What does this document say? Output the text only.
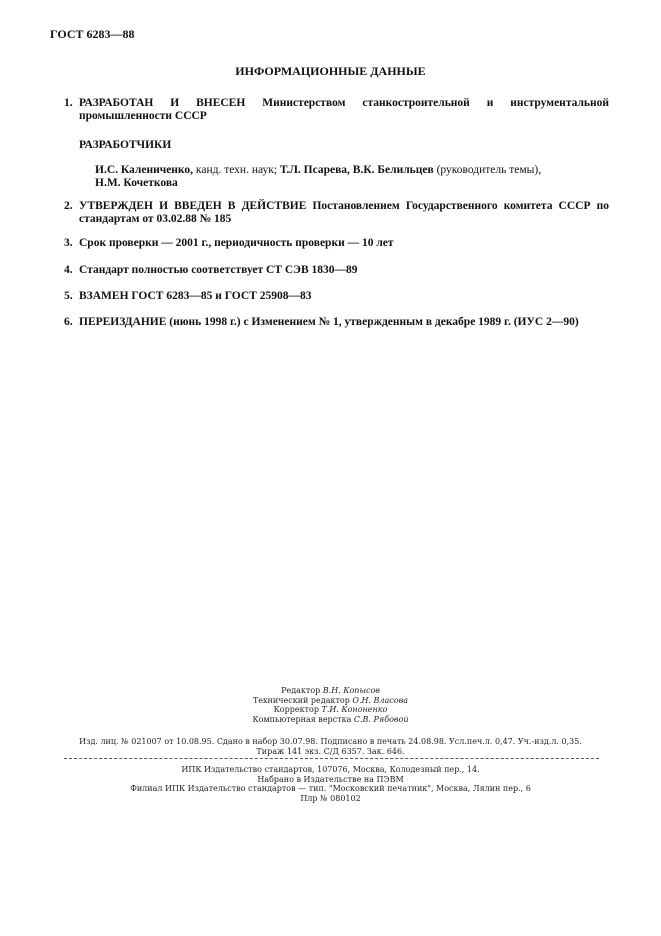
ГОСТ 6283—88
ИНФОРМАЦИОННЫЕ ДАННЫЕ
1. РАЗРАБОТАН И ВНЕСЕН Министерством станкостроительной и инструментальной промышленности СССР
РАЗРАБОТЧИКИ
И.С. Калениченко, канд. техн. наук; Т.Л. Псарева, В.К. Белильцев (руководитель темы),
Н.М. Кочеткова
2. УТВЕРЖДЕН И ВВЕДЕН В ДЕЙСТВИЕ Постановлением Государственного комитета СССР по стандартам от 03.02.88 № 185
3. Срок проверки — 2001 г., периодичность проверки — 10 лет
4. Стандарт полностью соответствует СТ СЭВ 1830—89
5. ВЗАМЕН ГОСТ 6283—85 и ГОСТ 25908—83
6. ПЕРЕИЗДАНИЕ (июнь 1998 г.) с Изменением № 1, утвержденным в декабре 1989 г. (ИУС 2—90)
Редактор В.Н. Копысов
Технический редактор О.Н. Власова
Корректор Т.И. Кононенко
Компьютерная верстка С.В. Рябовой
Изд. лиц. № 021007 от 10.08.95. Сдано в набор 30.07.98. Подписано в печать 24.08.98. Усл.печ.л. 0,47. Уч.-изд.л. 0,35.
Тираж 141 экз. С/Д 6357. Зак. 646.
ИПК Издательство стандартов, 107076, Москва, Колодезный пер., 14.
Набрано в Издательстве на ПЭВМ
Филиал ИПК Издательство стандартов — тип. "Московский печатник", Москва, Лялин пер., 6
Плр № 080102
